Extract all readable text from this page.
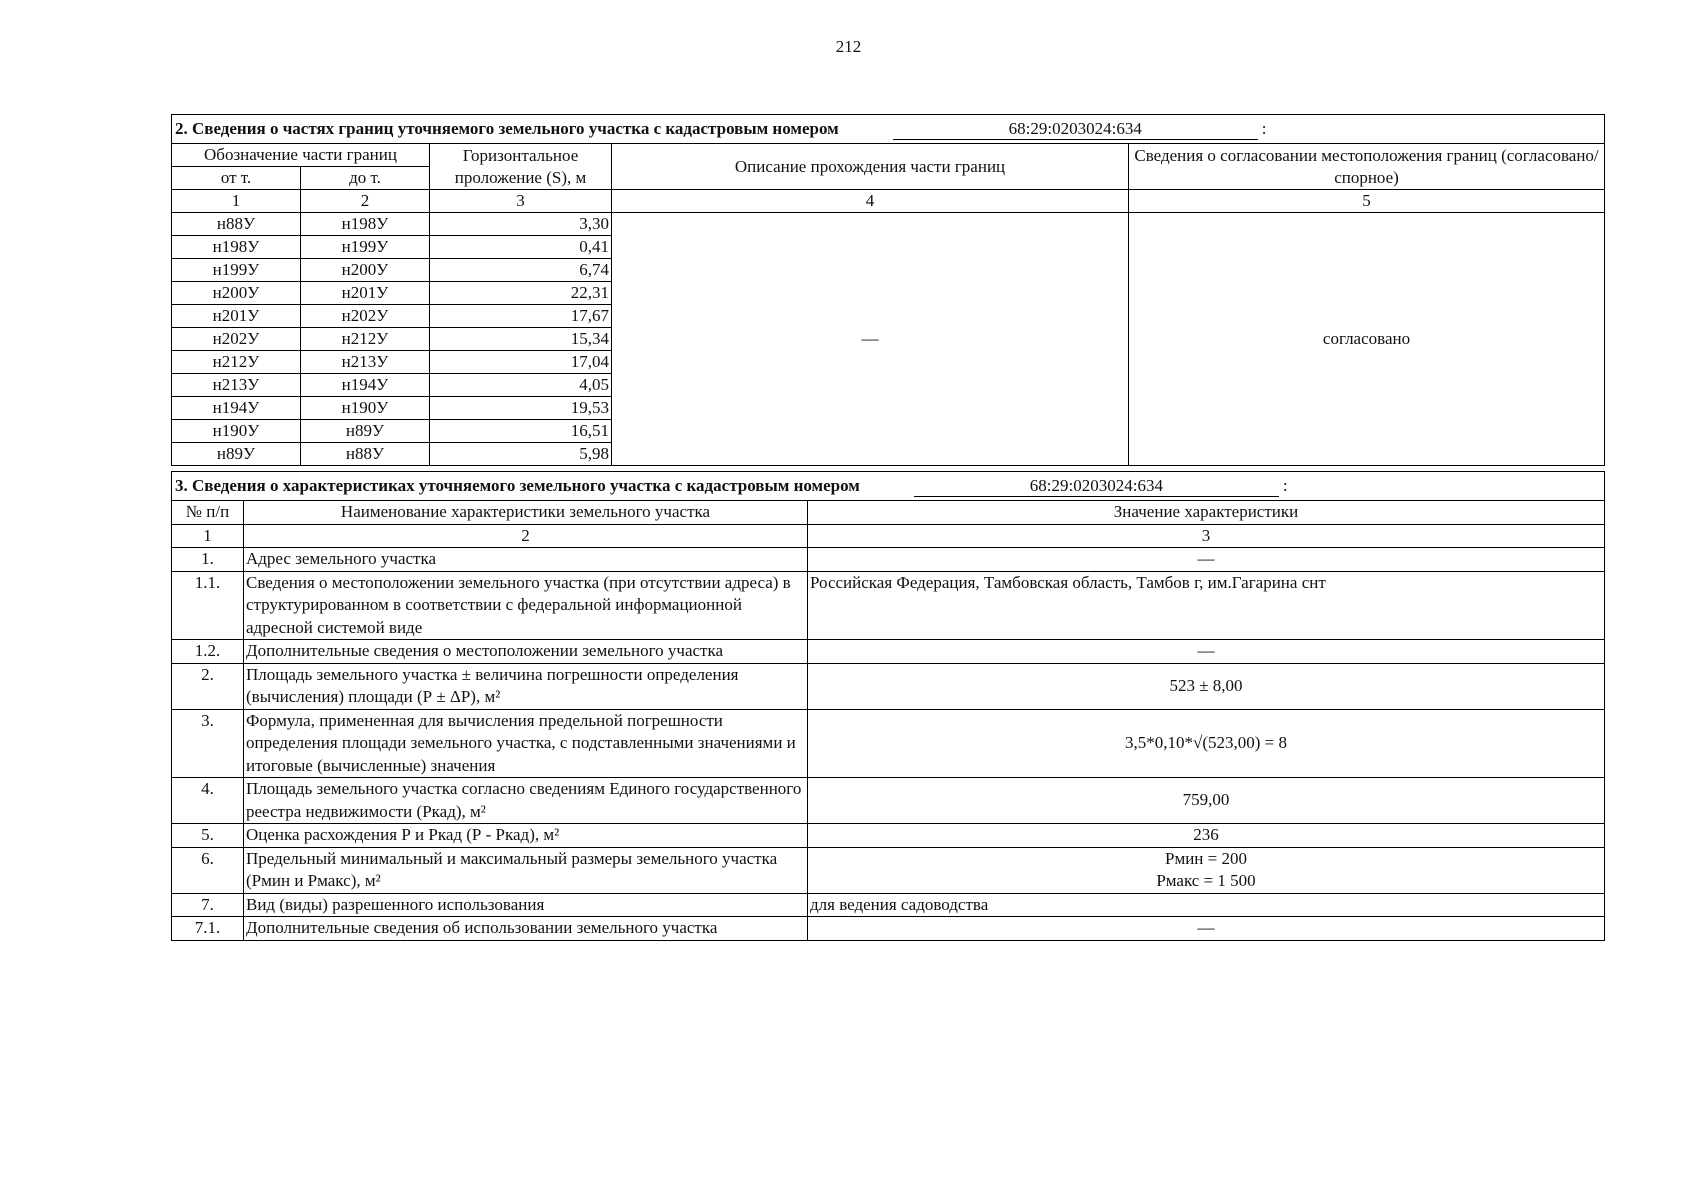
212
2. Сведения о частях границ уточняемого земельного участка с кадастровым номером 68:29:0203024:634 :				
Обозначение части границ		Горизонтальное проложение (S), м	Описание прохождения части границ	Сведения о согласовании местоположения границ (согласовано/спорное)
от т.	до т.			
1	2	3	4	5
н88У	н198У	3,30	—	согласовано
н198У	н199У	0,41		
н199У	н200У	6,74		
н200У	н201У	22,31		
н201У	н202У	17,67		
н202У	н212У	15,34		
н212У	н213У	17,04		
н213У	н194У	4,05		
н194У	н190У	19,53		
н190У	н89У	16,51		
н89У	н88У	5,98		
3. Сведения о характеристиках уточняемого земельного участка с кадастровым номером 68:29:0203024:634 :		
№ п/п	Наименование характеристики земельного участка	Значение характеристики
1	2	3
1.	Адрес земельного участка	—
1.1.	Сведения о местоположении земельного участка (при отсутствии адреса) в структурированном в соответствии с федеральной информационной адресной системой виде	Российская Федерация, Тамбовская область, Тамбов г, им.Гагарина снт
1.2.	Дополнительные сведения о местоположении земельного участка	—
2.	Площадь земельного участка ± величина погрешности определения (вычисления) площади (Р ± ΔР), м²	523 ± 8,00
3.	Формула, примененная для вычисления предельной погрешности определения площади земельного участка, с подставленными значениями и итоговые (вычисленные) значения	3,5*0,10*√(523,00) = 8
4.	Площадь земельного участка согласно сведениям Единого государственного реестра недвижимости (Ркад), м²	759,00
5.	Оценка расхождения Р и Ркад (Р - Ркад), м²	236
6.	Предельный минимальный и максимальный размеры земельного участка (Рмин и Рмакс), м²	Рмин = 200
Рмакс = 1 500

7.	Вид (виды) разрешенного использования	для ведения садоводства
7.1.	Дополнительные сведения об использовании земельного участка	—
